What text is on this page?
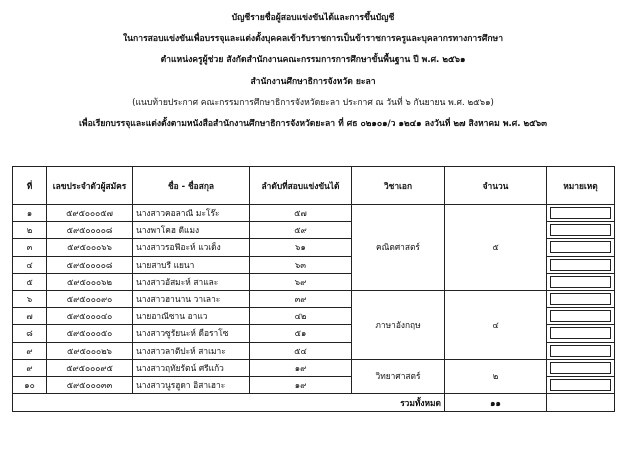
บัญชีรายชื่อผู้สอบแข่งขันได้และการขึ้นบัญชี
ในการสอบแข่งขันเพื่อบรรจุและแต่งตั้งบุคคลเข้ารับราชการเป็นข้าราชการครูและบุคลากรทางการศึกษา
ตำแหน่งครูผู้ช่วย สังกัดสำนักงานคณะกรรมการการศึกษาขั้นพื้นฐาน ปี พ.ศ. ๒๕๖๑
สำนักงานศึกษาธิการจังหวัด ยะลา
(แนบท้ายประกาศ คณะกรรมการศึกษาธิการจังหวัดยะลา ประกาศ ณ วันที่ ๖ กันยายน พ.ศ. ๒๕๖๑)
เพื่อเรียกบรรจุและแต่งตั้งตามหนังสือสำนักงานศึกษาธิการจังหวัดยะลา ที่ ศธ ๐๒๑๐๑/ว ๑๒๔๑ ลงวันที่ ๒๗ สิงหาคม พ.ศ. ๒๕๖๓
ที่	เลขประจำตัวผู้สมัคร	ชื่อ - ชื่อสกุล	ลำดับที่สอบแข่งขันได้	วิชาเอก	จำนวน	หมายเหตุ
๑	๕๙๕๐๐๐๕๗	นางสาวคอลาณี มะโร๊ะ	๕๗	คณิตศาสตร์	๕	

๒	๕๙๕๐๐๐๐๘	นางพาโคฮ ดีแมง	๕๙			

๓	๕๙๕๐๐๐๖๖	นางสาวรอฟีอะห์ แวเด็ง	๖๑			

๔	๕๙๕๐๐๐๐๘	นายสาบรี แยนา	๖๓			

๕	๕๙๕๐๐๐๖๒	นางสาวอัสมะห์ สาและ	๖๙			

๖	๕๙๕๐๐๐๙๐	นางสาวฮานาน วาเลาะ	๓๙	ภาษาอังกฤษ	๔	

๗	๕๙๕๐๐๐๔๐	นายอาณีซาน อาแว	๔๒			

๘	๕๙๕๐๐๐๕๐	นางสาวซูรัยนะห์ ดือราโซ	๕๑			

๙	๕๙๕๐๐๐๒๖	นางสาวลาตีปะห์ สาเมาะ	๕๔			

๙	๕๙๕๐๐๐๙๕	นางสาวฤทัยรัตน์ ศรีแก้ว	๑๙	วิทยาศาสตร์	๒	

๑๐	๕๙๕๐๐๐๓๓	นางสาวนูรฮูดา อิสาเฮาะ	๑๙			

รวมทั้งหมด					๑๑	
